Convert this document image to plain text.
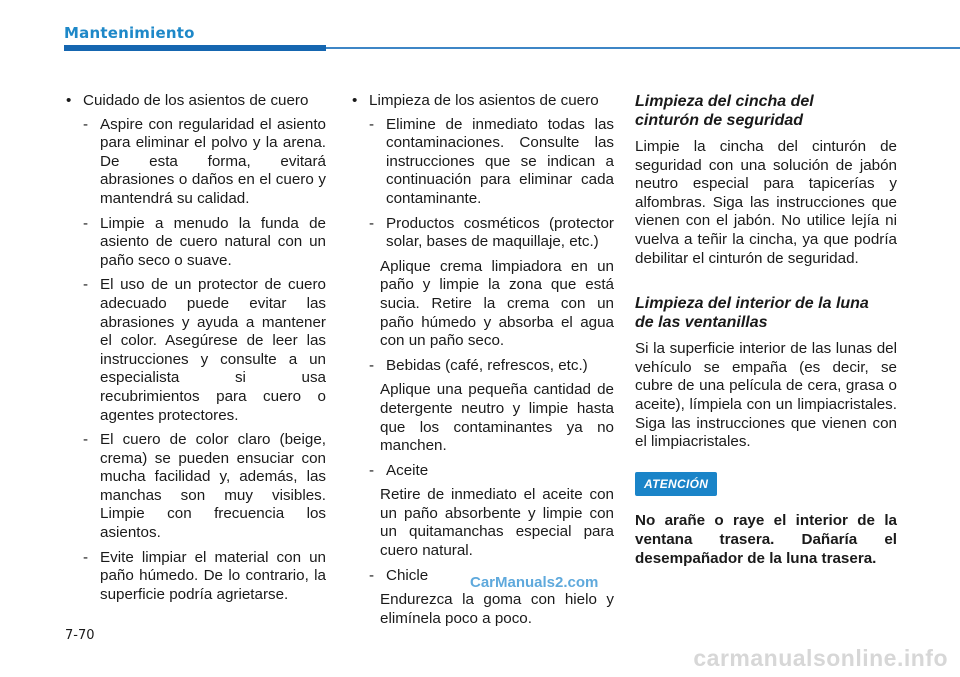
Mantenimiento
• Cuidado de los asientos de cuero
- Aspire con regularidad el asiento para eliminar el polvo y la arena. De esta forma, evitará abrasiones o daños en el cuero y mantendrá su calidad.
- Limpie a menudo la funda de asiento de cuero natural con un paño seco o suave.
- El uso de un protector de cuero adecuado puede evitar las abrasiones y ayuda a mantener el color. Asegúrese de leer las instrucciones y consulte a un especialista si usa recubrimientos para cuero o agentes protectores.
- El cuero de color claro (beige, crema) se pueden ensuciar con mucha facilidad y, además, las manchas son muy visibles. Limpie con frecuencia los asientos.
- Evite limpiar el material con un paño húmedo. De lo contrario, la superficie podría agrietarse.
• Limpieza de los asientos de cuero
- Elimine de inmediato todas las contaminaciones. Consulte las instrucciones que se indican a continuación para eliminar cada contaminante.
- Productos cosméticos (protector solar, bases de maquillaje, etc.)
Aplique crema limpiadora en un paño y limpie la zona que está sucia. Retire la crema con un paño húmedo y absorba el agua con un paño seco.
- Bebidas (café, refrescos, etc.)
Aplique una pequeña cantidad de detergente neutro y limpie hasta que los contaminantes ya no manchen.
- Aceite
Retire de inmediato el aceite con un paño absorbente y limpie con un quitamanchas especial para cuero natural.
- Chicle
Endurezca la goma con hielo y elimínela poco a poco.
Limpieza del cincha del
cinturón de seguridad
Limpie la cincha del cinturón de seguridad con una solución de jabón neutro especial para tapicerías y alfombras. Siga las instrucciones que vienen con el jabón. No utilice lejía ni vuelva a teñir la cincha, ya que podría debilitar el cinturón de seguridad.
Limpieza del interior de la luna
de las ventanillas
Si la superficie interior de las lunas del vehículo se empaña (es decir, se cubre de una película de cera, grasa o aceite), límpiela con un limpiacristales. Siga las instrucciones que vienen con el limpiacristales.
ATENCIÓN
No arañe o raye el interior de la ventana trasera. Dañaría el desempañador de la luna trasera.
CarManuals2.com
7-70
carmanualsonline.info
